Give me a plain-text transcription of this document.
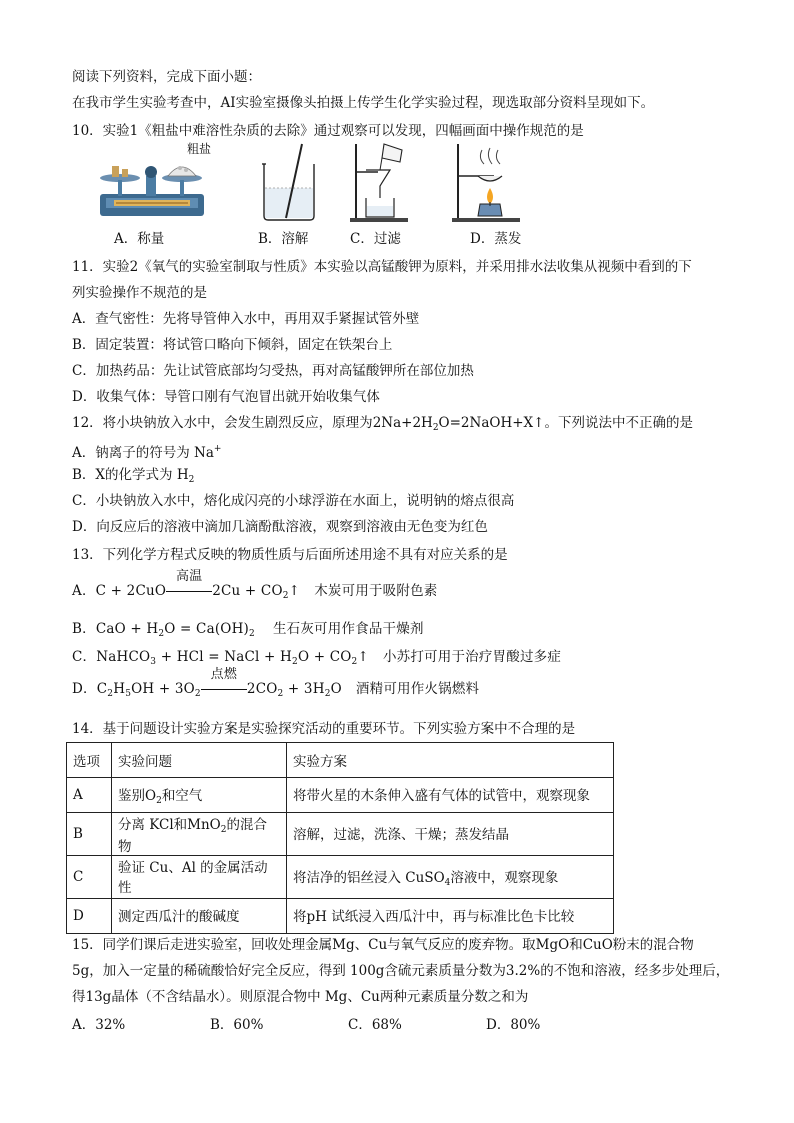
阅读下列资料，完成下面小题：
在我市学生实验考查中，AI实验室摄像头拍摄上传学生化学实验过程，现选取部分资料呈现如下。
10．实验1《粗盐中难溶性杂质的去除》通过观察可以发现，四幅画面中操作规范的是
粗盐
A．称量	B．溶解	C．过滤	D．蒸发
11．实验2《氧气的实验室制取与性质》本实验以高锰酸钾为原料，并采用排水法收集从视频中看到的下
列实验操作不规范的是
A．查气密性：先将导管伸入水中，再用双手紧握试管外壁
B．固定装置：将试管口略向下倾斜，固定在铁架台上
C．加热药品：先让试管底部均匀受热，再对高锰酸钾所在部位加热
D．收集气体：导管口刚有气泡冒出就开始收集气体
12．将小块钠放入水中，会发生剧烈反应，原理为$2Na+2H_2O=2NaOH+X↑$。下列说法中不正确的是
A．钠离子的符号为 Na+
B．X的化学式为 $H_2$
C．小块钠放入水中，熔化成闪亮的小球浮游在水面上，说明钠的熔点很高
D．向反应后的溶液中滴加几滴酚酞溶液，观察到溶液由无色变为红色
13．下列化学方程式反映的物质性质与后面所述用途不具有对应关系的是
A．C + 2CuO
高温
$2Cu + CO_2↑$ 木炭可用于吸附色素
B．CaO + $H_2O = Ca(OH)_2$ 生石灰可用作食品干燥剂
C．NaHCO$_3$ + HCl = NaCl + $H_2O$ + $CO_2↑$ 小苏打可用于治疗胃酸过多症
D．$C_2H_5OH + 3O_2$
点燃
$2CO_2 + 3H_2O$ 酒精可用作火锅燃料
14．基于问题设计实验方案是实验探究活动的重要环节。下列实验方案中不合理的是
选项	实验问题	实验方案
A	鉴别$O_2$和空气	将带火星的木条伸入盛有气体的试管中，观察现象
B	分离 KCl和MnO$_2$的混合物	溶解，过滤，洗涤、干燥；蒸发结晶
C	验证 Cu、Al 的金属活动性	将洁净的铝丝浸入 CuSO$_4$溶液中，观察现象
D	测定西瓜汁的酸碱度	将pH 试纸浸入西瓜汁中，再与标准比色卡比较
15．同学们课后走进实验室，回收处理金属Mg、Cu与氧气反应的废弃物。取MgO和CuO粉末的混合物
5g，加入一定量的稀硫酸恰好完全反应，得到 100g含硫元素质量分数为3.2%的不饱和溶液，经多步处理后，
得13g晶体（不含结晶水）。则原混合物中 Mg、Cu两种元素质量分数之和为
A．32%	B．60%	C．68%	D．80%
